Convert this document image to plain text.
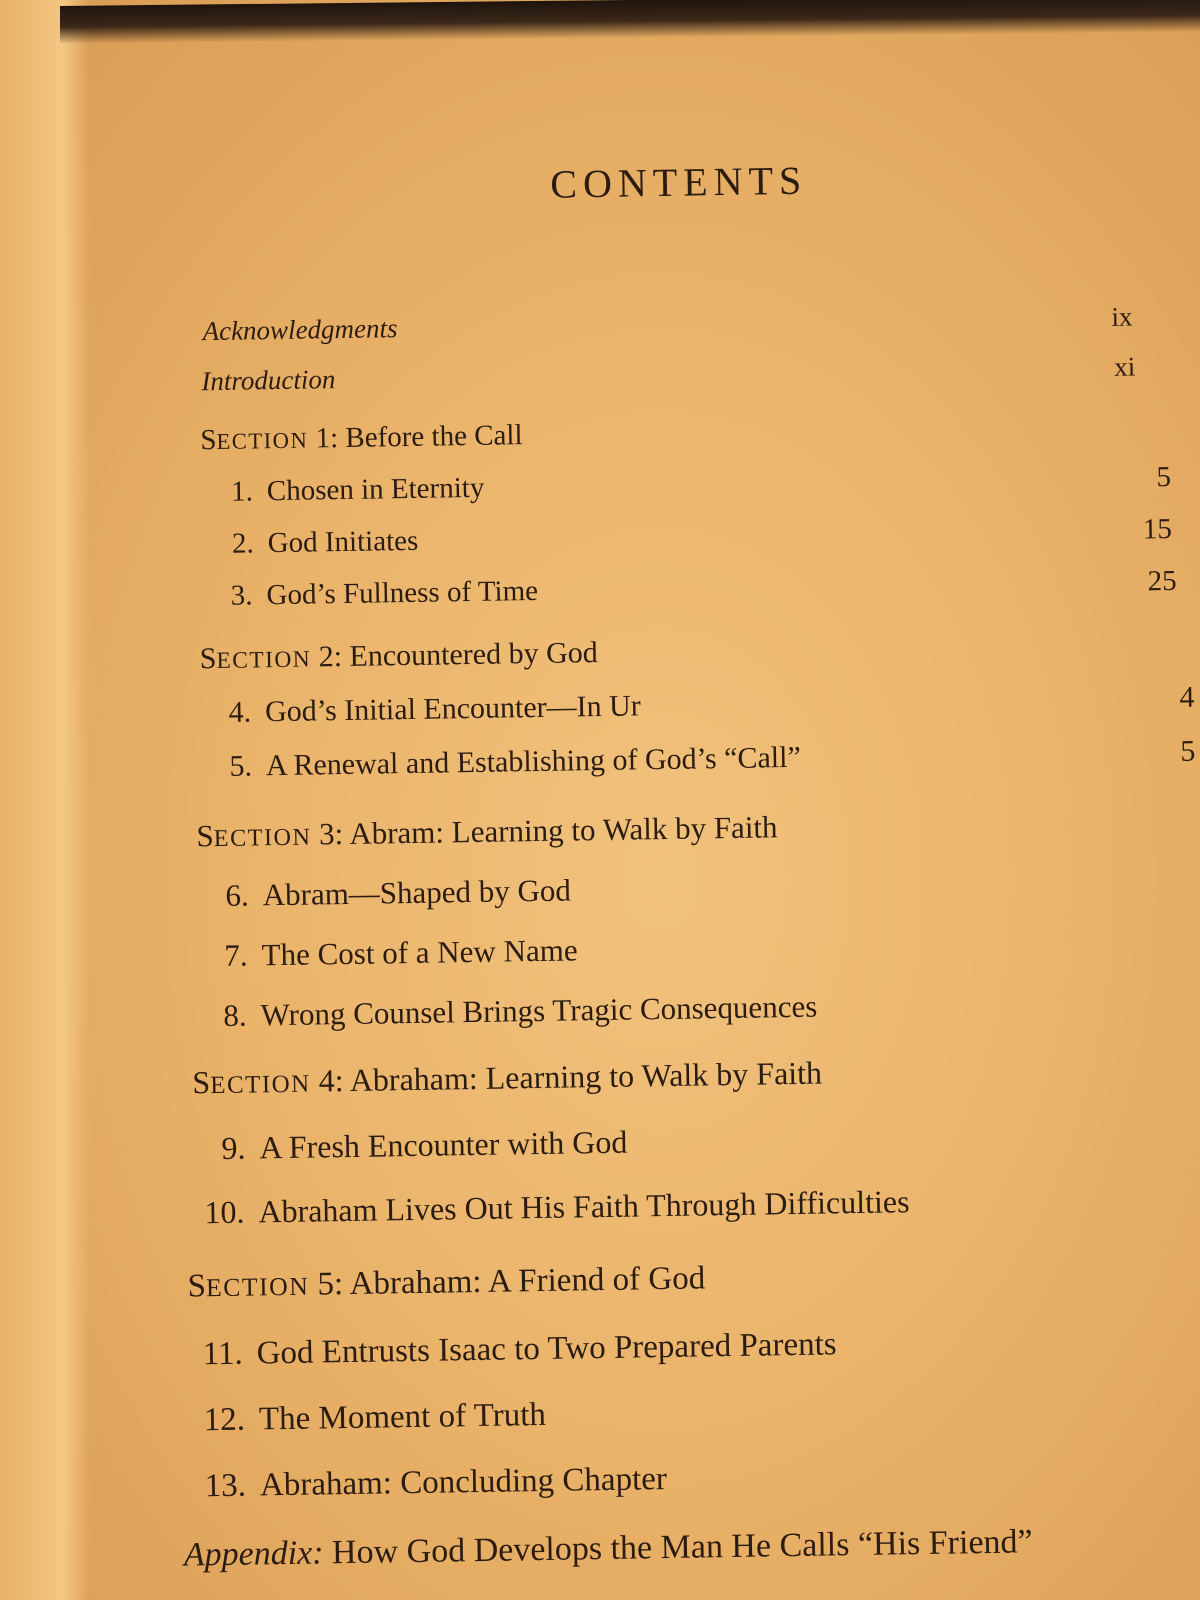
CONTENTS
Acknowledgments	ix
Introduction	xi
SECTION 1: Before the Call
1. Chosen in Eternity	5
2. God Initiates	15
3. God’s Fullness of Time	25
SECTION 2: Encountered by God
4. God’s Initial Encounter—In Ur	4
5. A Renewal and Establishing of God’s “Call”	5
SECTION 3: Abram: Learning to Walk by Faith
6. Abram—Shaped by God
7. The Cost of a New Name
8. Wrong Counsel Brings Tragic Consequences
SECTION 4: Abraham: Learning to Walk by Faith
9. A Fresh Encounter with God
10. Abraham Lives Out His Faith Through Difficulties
SECTION 5: Abraham: A Friend of God
11. God Entrusts Isaac to Two Prepared Parents
12. The Moment of Truth
13. Abraham: Concluding Chapter
Appendix: How God Develops the Man He Calls “His Friend”
